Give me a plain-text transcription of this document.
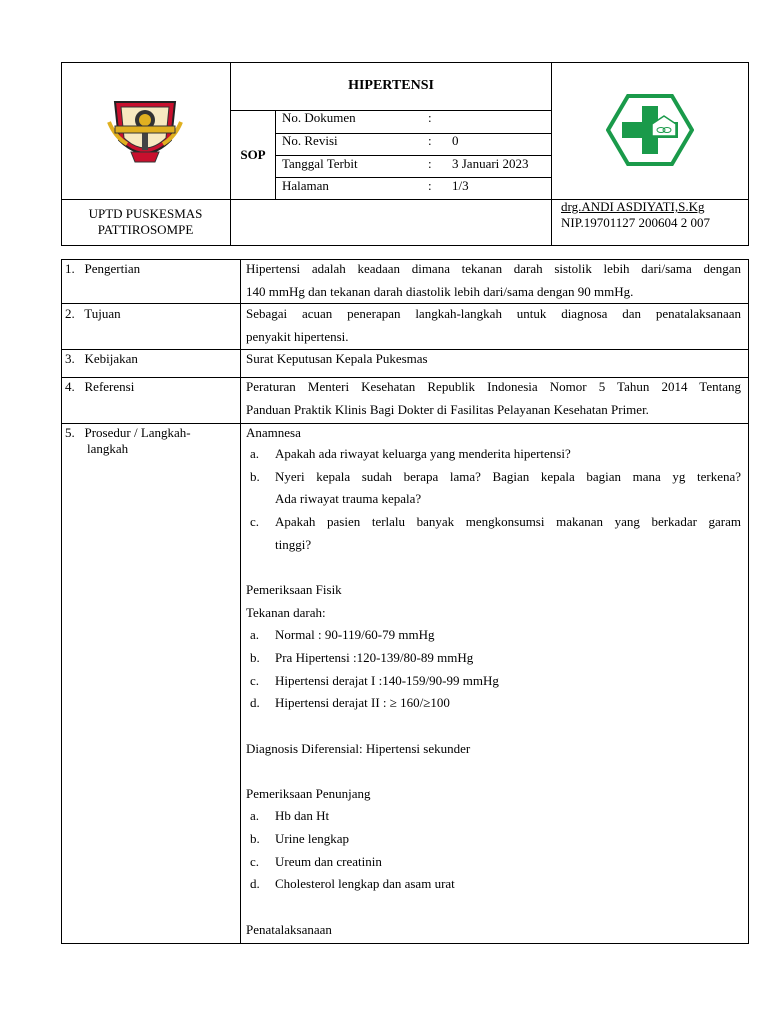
HIPERTENSI
SOP
No. Dokumen	:
No. Revisi	: 0
Tanggal Terbit	: 3 Januari 2023
Halaman	: 1/3
UPTD PUSKESMAS
PATTIROSOMPE
drg.ANDI ASDIYATI,S.Kg
NIP.19701127 200604 2 007
1.   Pengertian	Hipertensi adalah keadaan dimana tekanan darah sistolik lebih dari/sama dengan
140 mmHg dan tekanan darah diastolik lebih dari/sama dengan 90 mmHg.
2.   Tujuan	Sebagai acuan penerapan langkah-langkah untuk diagnosa dan penatalaksanaan
penyakit hipertensi.
3.   Kebijakan	Surat Keputusan Kepala Pukesmas
4.   Referensi	Peraturan Menteri Kesehatan Republik Indonesia Nomor 5 Tahun 2014 Tentang
Panduan Praktik Klinis Bagi Dokter di Fasilitas Pelayanan Kesehatan Primer.
5.   Prosedur / Langkah-
langkah
Anamnesa
a. Apakah ada riwayat keluarga yang menderita hipertensi?
b. Nyeri kepala sudah berapa lama? Bagian kepala bagian mana yg terkena?
Ada riwayat trauma kepala?
c. Apakah pasien terlalu banyak mengkonsumsi makanan yang berkadar garam
tinggi?
Pemeriksaan Fisik
Tekanan darah:
a. Normal : 90-119/60-79 mmHg
b. Pra Hipertensi :120-139/80-89 mmHg
c. Hipertensi derajat I :140-159/90-99 mmHg
d. Hipertensi derajat II : ≥ 160/≥100
Diagnosis Diferensial: Hipertensi sekunder
Pemeriksaan Penunjang
a. Hb dan Ht
b. Urine lengkap
c. Ureum dan creatinin
d. Cholesterol lengkap dan asam urat
Penatalaksanaan
